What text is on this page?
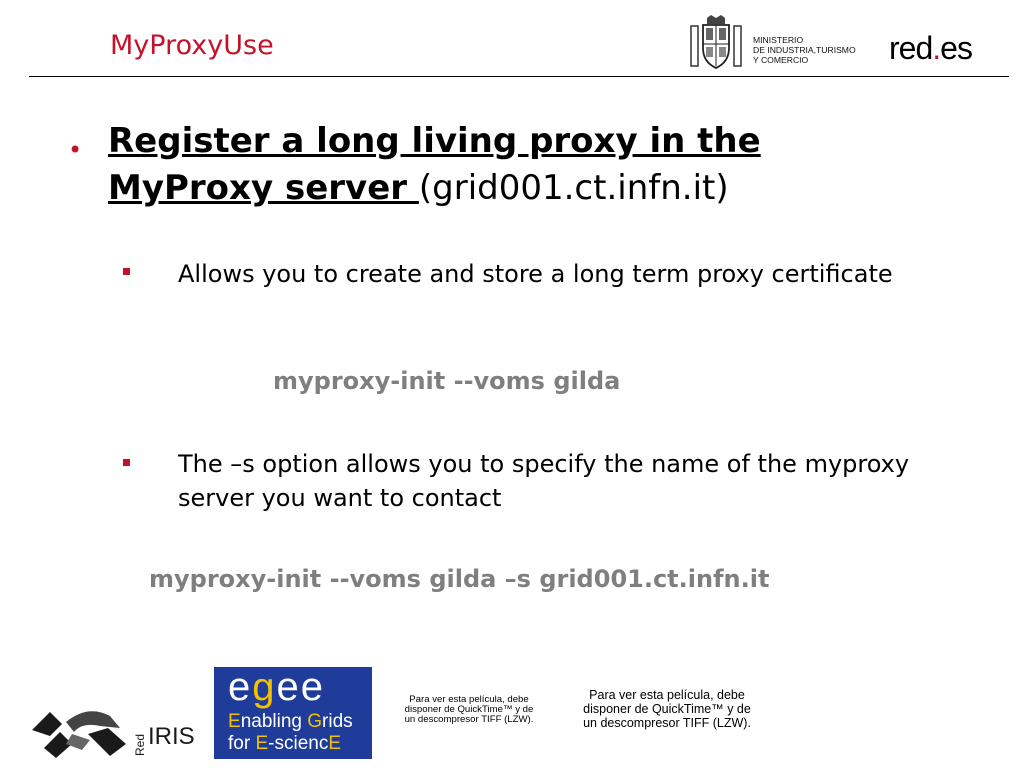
MyProxyUse	MINISTERIO
DE INDUSTRIA,TURISMO
Y COMERCIO	red.es
• Register a long living proxy in the MyProxy server (grid001.ct.infn.it)
Allows you to create and store a long term proxy certificate
myproxy-init --voms gilda
The –s option allows you to specify the name of the myproxy server you want to contact
myproxy-init --voms gilda –s grid001.ct.infn.it
Red IRIS
egee
Enabling Grids
for E-sciencE
Para ver esta película, debe
disponer de QuickTime™ y de
un descompresor TIFF (LZW).
Para ver esta película, debe
disponer de QuickTime™ y de
un descompresor TIFF (LZW).
